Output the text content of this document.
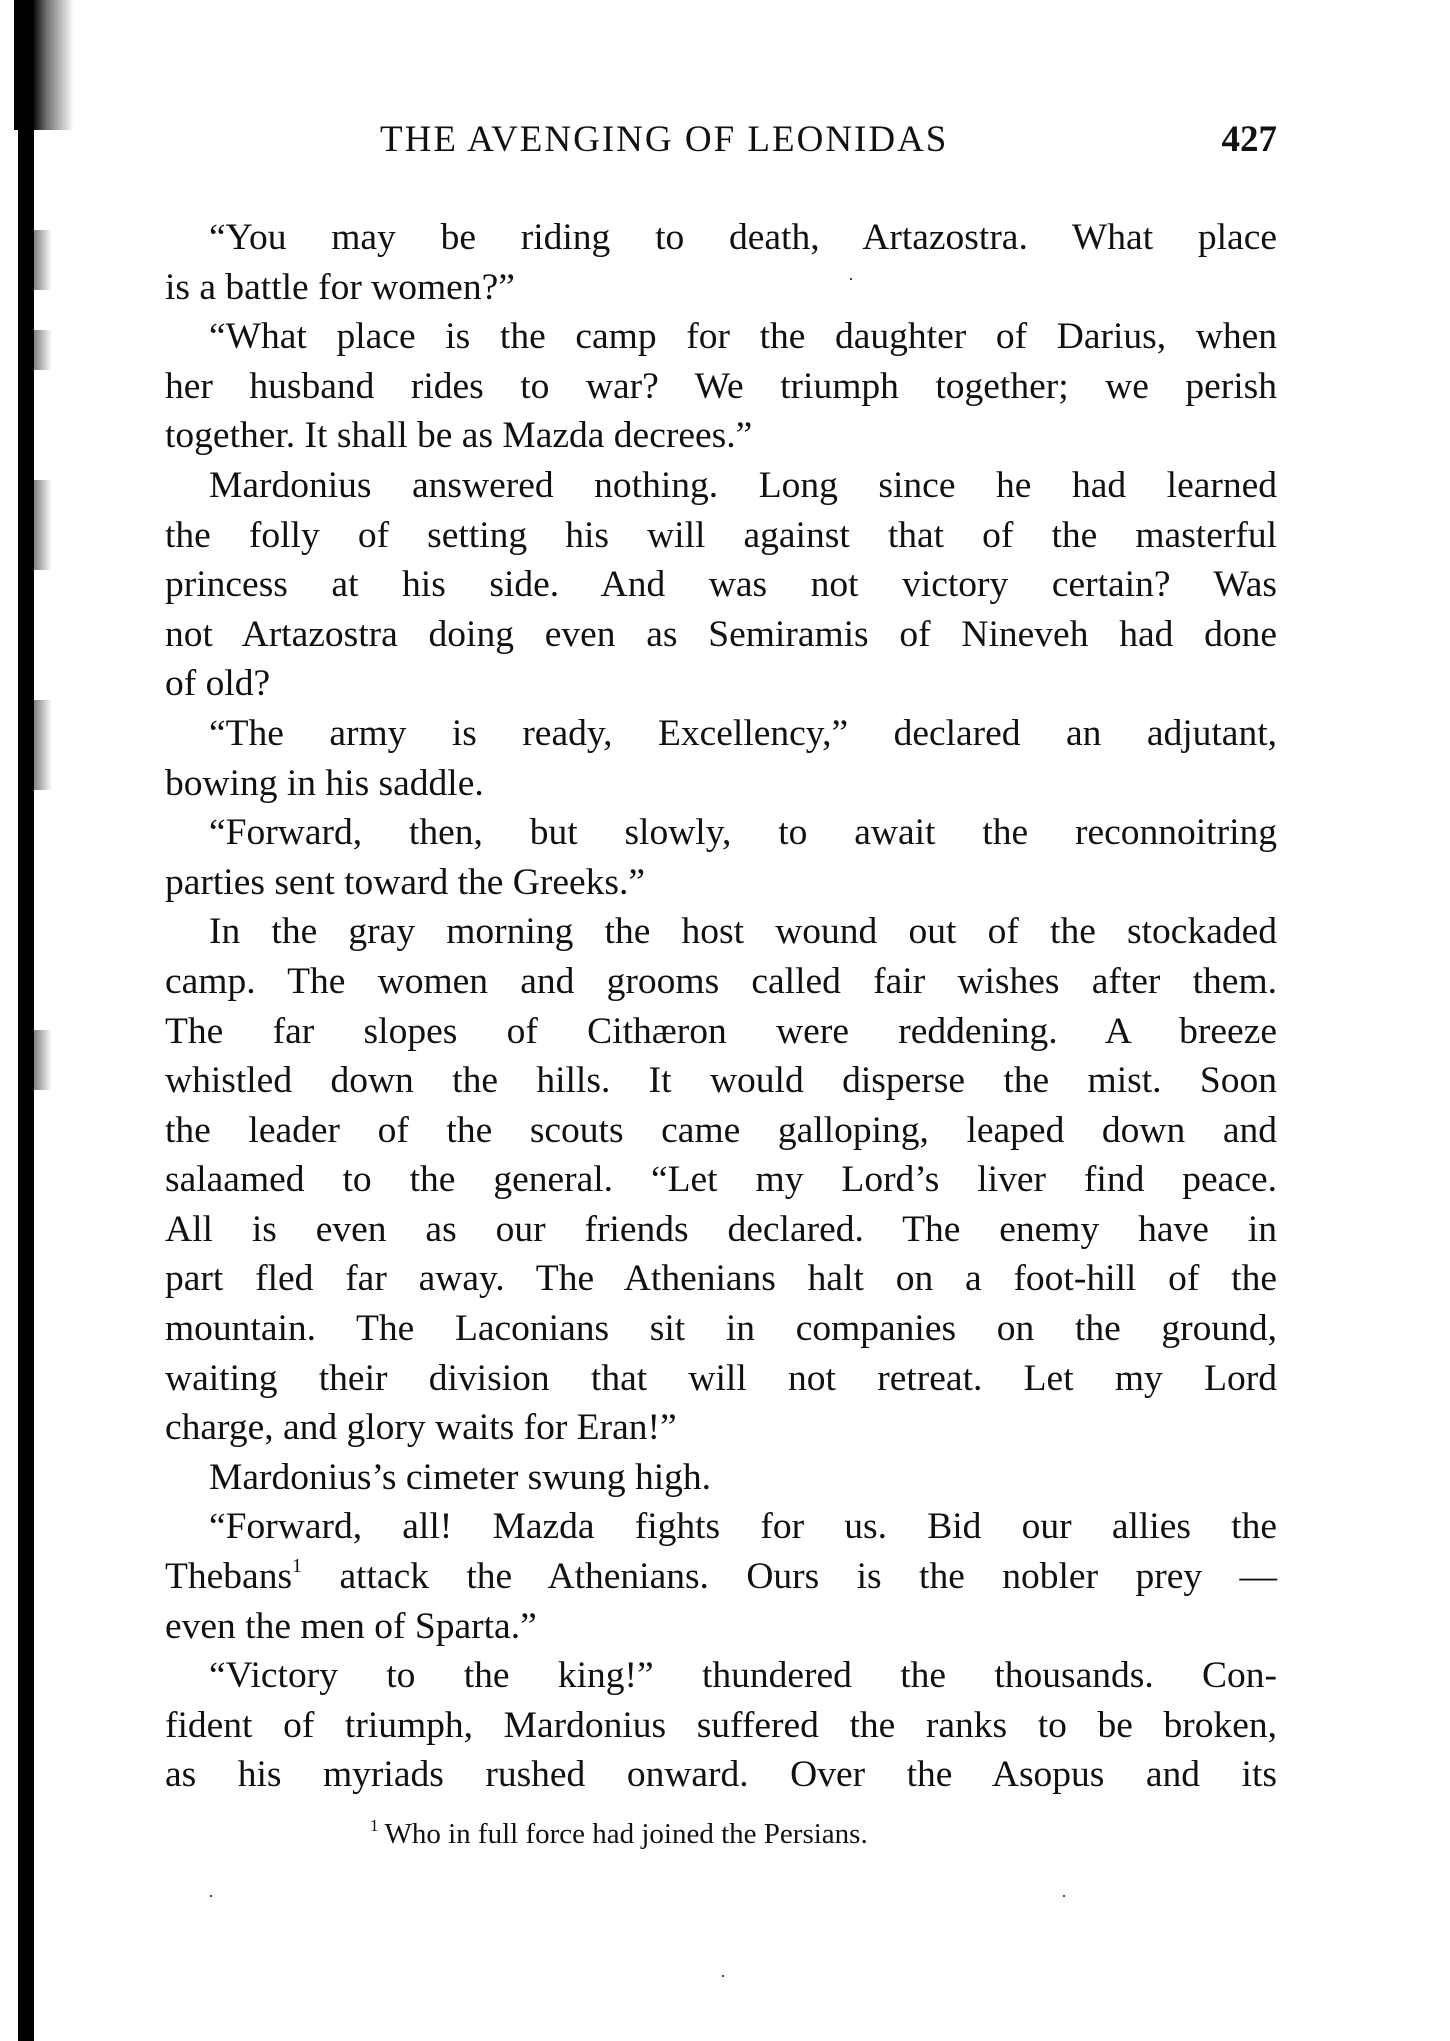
THE AVENGING OF LEONIDAS	427
“You may be riding to death, Artazostra. What place
is a battle for women?”
“What place is the camp for the daughter of Darius, when
her husband rides to war? We triumph together; we perish
together. It shall be as Mazda decrees.”
Mardonius answered nothing. Long since he had learned
the folly of setting his will against that of the masterful
princess at his side. And was not victory certain? Was
not Artazostra doing even as Semiramis of Nineveh had done
of old?
“The army is ready, Excellency,” declared an adjutant,
bowing in his saddle.
“Forward, then, but slowly, to await the reconnoitring
parties sent toward the Greeks.”
In the gray morning the host wound out of the stockaded
camp. The women and grooms called fair wishes after them.
The far slopes of Cithæron were reddening. A breeze
whistled down the hills. It would disperse the mist. Soon
the leader of the scouts came galloping, leaped down and
salaamed to the general. “Let my Lord’s liver find peace.
All is even as our friends declared. The enemy have in
part fled far away. The Athenians halt on a foot-hill of the
mountain. The Laconians sit in companies on the ground,
waiting their division that will not retreat. Let my Lord
charge, and glory waits for Eran!”
Mardonius’s cimeter swung high.
“Forward, all! Mazda fights for us. Bid our allies the
Thebans$^1$ attack the Athenians. Ours is the nobler prey —
even the men of Sparta.”
“Victory to the king!” thundered the thousands. Con-
fident of triumph, Mardonius suffered the ranks to be broken,
as his myriads rushed onward. Over the Asopus and its
$^1$ Who in full force had joined the Persians.
